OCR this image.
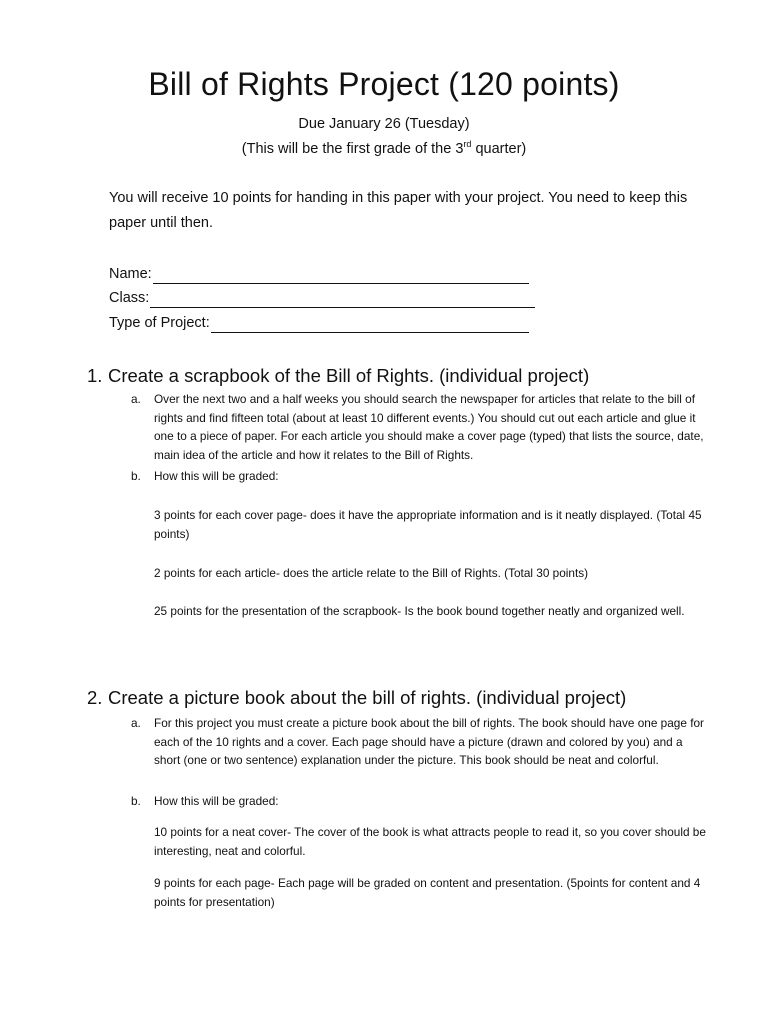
Bill of Rights Project (120 points)
Due January 26 (Tuesday)
(This will be the first grade of the 3rd quarter)
You will receive 10 points for handing in this paper with your project. You need to keep this paper until then.
Name:
Class:
Type of Project:
1. Create a scrapbook of the Bill of Rights. (individual project)
a.	Over the next two and a half weeks you should search the newspaper for articles that relate to the bill of rights and find fifteen total (about at least 10 different events.) You should cut out each article and glue it one to a piece of paper. For each article you should make a cover page (typed) that lists the source, date, main idea of the article and how it relates to the Bill of Rights.
b.	How this will be graded:
3 points for each cover page- does it have the appropriate information and is it neatly displayed. (Total 45 points)
2 points for each article- does the article relate to the Bill of Rights. (Total 30 points)
25 points for the presentation of the scrapbook- Is the book bound together neatly and organized well.
2. Create a picture book about the bill of rights. (individual project)
a.	For this project you must create a picture book about the bill of rights. The book should have one page for each of the 10 rights and a cover. Each page should have a picture (drawn and colored by you) and a short (one or two sentence) explanation under the picture. This book should be neat and colorful.
b.	How this will be graded:
10 points for a neat cover- The cover of the book is what attracts people to read it, so you cover should be interesting, neat and colorful.
9 points for each page- Each page will be graded on content and presentation. (5points for content and 4 points for presentation)
